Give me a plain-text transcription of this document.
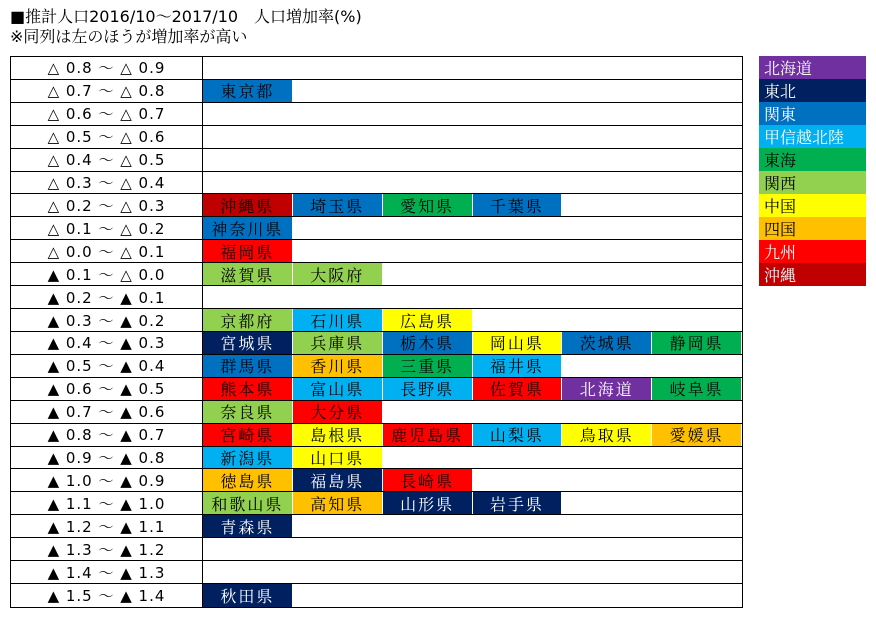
■推計人口2016/10～2017/10　人口増加率(%)
※同列は左のほうが増加率が高い
△ 0.8 ～ △ 0.9
△ 0.7 ～ △ 0.8	東京都
△ 0.6 ～ △ 0.7
△ 0.5 ～ △ 0.6
△ 0.4 ～ △ 0.5
△ 0.3 ～ △ 0.4
△ 0.2 ～ △ 0.3	沖縄県	埼玉県	愛知県	千葉県
△ 0.1 ～ △ 0.2	神奈川県
△ 0.0 ～ △ 0.1	福岡県
▲ 0.1 ～ △ 0.0	滋賀県	大阪府
▲ 0.2 ～ ▲ 0.1
▲ 0.3 ～ ▲ 0.2	京都府	石川県	広島県
▲ 0.4 ～ ▲ 0.3	宮城県	兵庫県	栃木県	岡山県	茨城県	静岡県
▲ 0.5 ～ ▲ 0.4	群馬県	香川県	三重県	福井県
▲ 0.6 ～ ▲ 0.5	熊本県	富山県	長野県	佐賀県	北海道	岐阜県
▲ 0.7 ～ ▲ 0.6	奈良県	大分県
▲ 0.8 ～ ▲ 0.7	宮崎県	島根県	鹿児島県	山梨県	鳥取県	愛媛県
▲ 0.9 ～ ▲ 0.8	新潟県	山口県
▲ 1.0 ～ ▲ 0.9	徳島県	福島県	長崎県
▲ 1.1 ～ ▲ 1.0	和歌山県	高知県	山形県	岩手県
▲ 1.2 ～ ▲ 1.1	青森県
▲ 1.3 ～ ▲ 1.2
▲ 1.4 ～ ▲ 1.3
▲ 1.5 ～ ▲ 1.4	秋田県
北海道
東北
関東
甲信越北陸
東海
関西
中国
四国
九州
沖縄
